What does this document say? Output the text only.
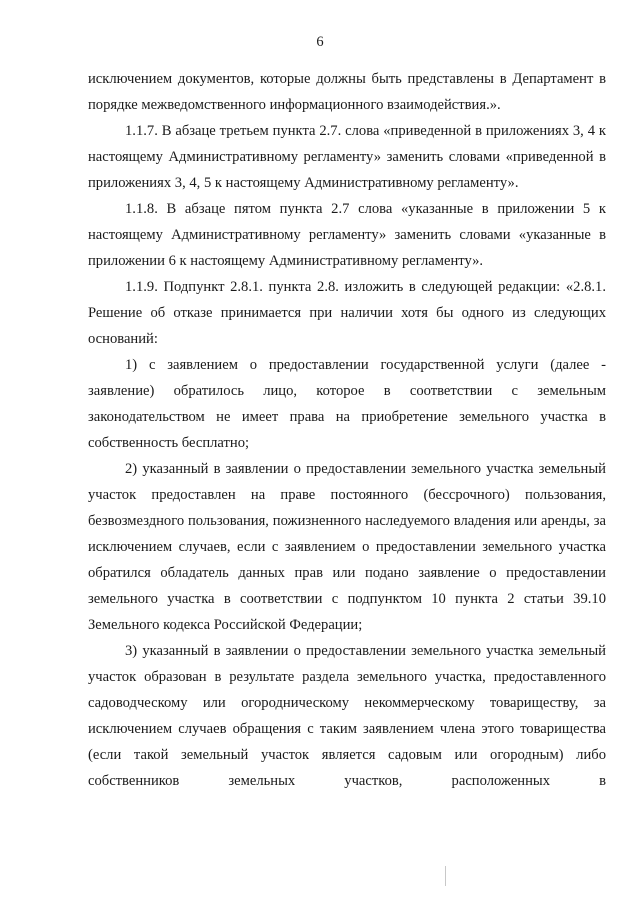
6

исключением документов, которые должны быть представлены в Департамент в порядке межведомственного информационного взаимодействия.».

1.1.7. В абзаце третьем пункта 2.7. слова «приведенной в приложениях 3, 4 к настоящему Административному регламенту» заменить словами «приведенной в приложениях 3, 4, 5 к настоящему Административному регламенту».

1.1.8. В абзаце пятом пункта 2.7 слова «указанные в приложении 5 к настоящему Административному регламенту» заменить словами «указанные в приложении 6 к настоящему Административному регламенту».

1.1.9. Подпункт 2.8.1. пункта 2.8. изложить в следующей редакции: «2.8.1. Решение об отказе принимается при наличии хотя бы одного из следующих оснований:

1) с заявлением о предоставлении государственной услуги (далее - заявление) обратилось лицо, которое в соответствии с земельным законодательством не имеет права на приобретение земельного участка в собственность бесплатно;

2) указанный в заявлении о предоставлении земельного участка земельный участок предоставлен на праве постоянного (бессрочного) пользования, безвозмездного пользования, пожизненного наследуемого владения или аренды, за исключением случаев, если с заявлением о предоставлении земельного участка обратился обладатель данных прав или подано заявление о предоставлении земельного участка в соответствии с подпунктом 10 пункта 2 статьи 39.10 Земельного кодекса Российской Федерации;

3) указанный в заявлении о предоставлении земельного участка земельный участок образован в результате раздела земельного участка, предоставленного садоводческому или огородническому некоммерческому товариществу, за исключением случаев обращения с таким заявлением члена этого товарищества (если такой земельный участок является садовым или огородным) либо собственников земельных участков, расположенных в
